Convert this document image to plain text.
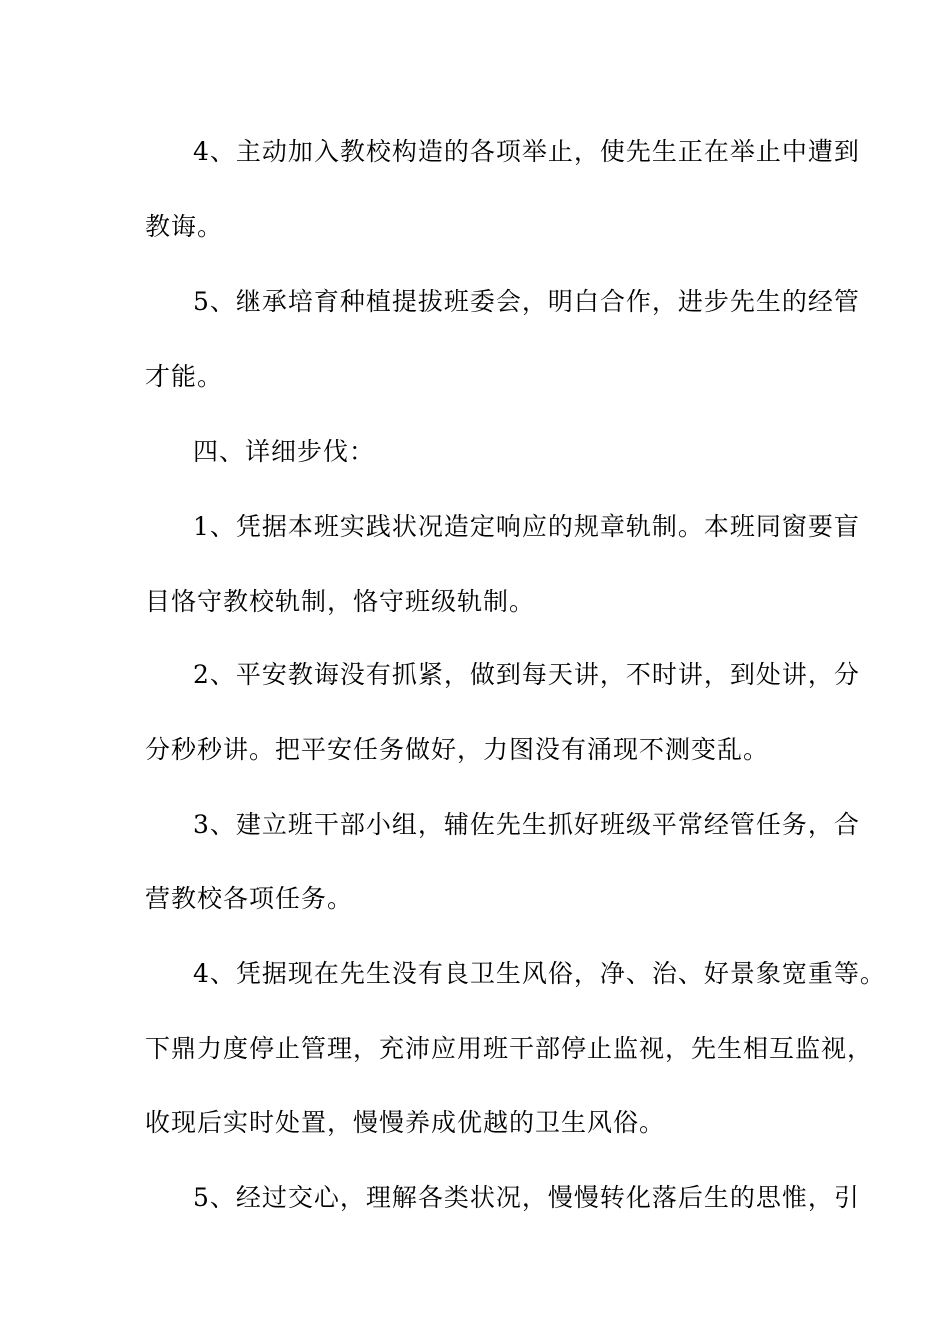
4、主动加入教校构造的各项举止，使先生正在举止中遭到
教诲。
5、继承培育种植提拔班委会，明白合作，进步先生的经管
才能。
四、详细步伐：
1、凭据本班实践状况造定响应的规章轨制。本班同窗要盲
目恪守教校轨制，恪守班级轨制。
2、平安教诲没有抓紧，做到每天讲，不时讲，到处讲，分
分秒秒讲。把平安任务做好，力图没有涌现不测变乱。
3、建立班干部小组，辅佐先生抓好班级平常经管任务，合
营教校各项任务。
4、凭据现在先生没有良卫生风俗，净、治、好景象宽重等。
下鼎力度停止管理，充沛应用班干部停止监视，先生相互监视，
收现后实时处置，慢慢养成优越的卫生风俗。
5、经过交心，理解各类状况，慢慢转化落后生的思惟，引
